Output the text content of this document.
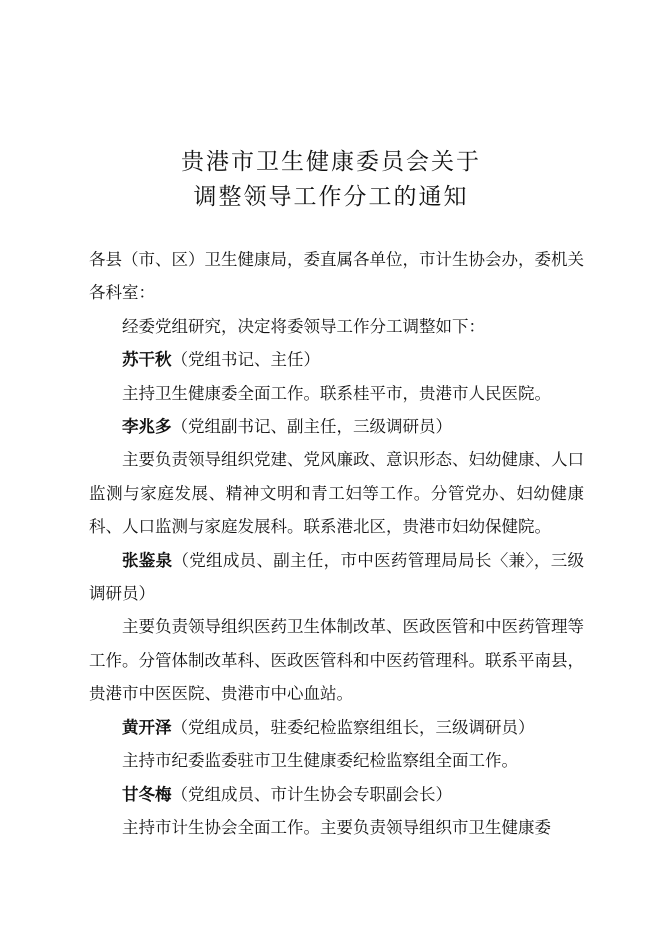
贵港市卫生健康委员会关于
调整领导工作分工的通知

各县（市、区）卫生健康局，委直属各单位，市计生协会办，委机关各科室：

经委党组研究，决定将委领导工作分工调整如下：

苏干秋（党组书记、主任）

主持卫生健康委全面工作。联系桂平市，贵港市人民医院。

李兆多（党组副书记、副主任，三级调研员）

主要负责领导组织党建、党风廉政、意识形态、妇幼健康、人口监测与家庭发展、精神文明和青工妇等工作。分管党办、妇幼健康科、人口监测与家庭发展科。联系港北区，贵港市妇幼保健院。

张鉴泉（党组成员、副主任，市中医药管理局局长〈兼〉，三级调研员）

主要负责领导组织医药卫生体制改革、医政医管和中医药管理等工作。分管体制改革科、医政医管科和中医药管理科。联系平南县，贵港市中医医院、贵港市中心血站。

黄开泽（党组成员，驻委纪检监察组组长，三级调研员）

主持市纪委监委驻市卫生健康委纪检监察组全面工作。

甘冬梅（党组成员、市计生协会专职副会长）

主持市计生协会全面工作。主要负责领导组织市卫生健康委
